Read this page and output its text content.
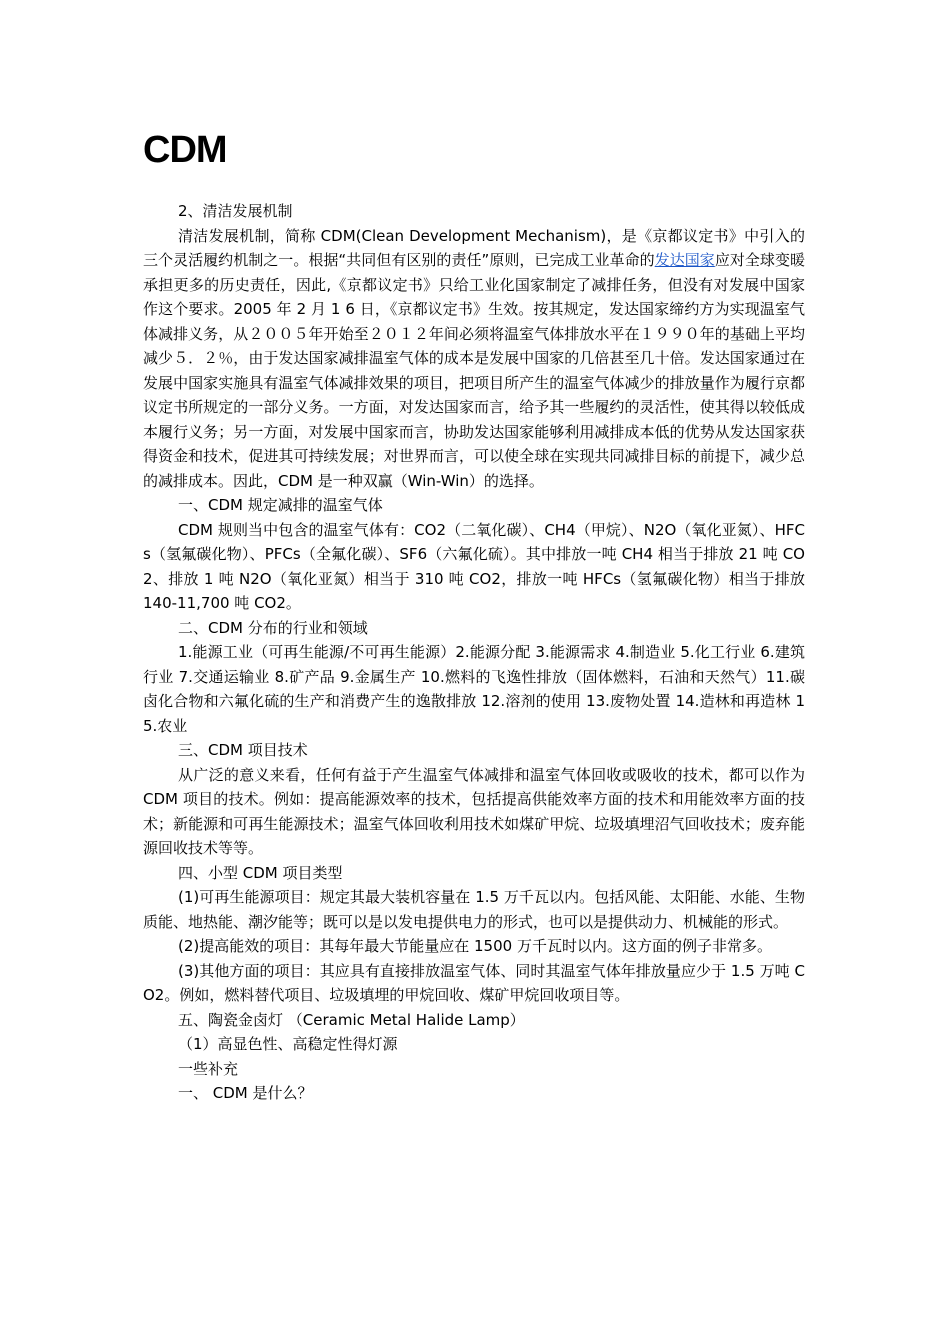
CDM

2、清洁发展机制

清洁发展机制，简称 CDM(Clean Development Mechanism)，是《京都议定书》中引入的三个灵活履约机制之一。根据“共同但有区别的责任”原则，已完成工业革命的发达国家应对全球变暖承担更多的历史责任，因此,《京都议定书》只给工业化国家制定了减排任务，但没有对发展中国家作这个要求。2005 年 2 月 1 6 日，《京都议定书》生效。按其规定，发达国家缔约方为实现温室气体减排义务，从２００５年开始至２０１２年间必须将温室气体排放水平在１９９０年的基础上平均减少５．２％，由于发达国家减排温室气体的成本是发展中国家的几倍甚至几十倍。发达国家通过在发展中国家实施具有温室气体减排效果的项目，把项目所产生的温室气体减少的排放量作为履行京都议定书所规定的一部分义务。一方面，对发达国家而言，给予其一些履约的灵活性，使其得以较低成本履行义务；另一方面，对发展中国家而言，协助发达国家能够利用减排成本低的优势从发达国家获得资金和技术，促进其可持续发展；对世界而言，可以使全球在实现共同减排目标的前提下，减少总的减排成本。因此，CDM 是一种双赢（Win-Win）的选择。

一、CDM 规定减排的温室气体

CDM 规则当中包含的温室气体有：CO2（二氧化碳）、CH4（甲烷）、N2O（氧化亚氮）、HFCs（氢氟碳化物）、PFCs（全氟化碳）、SF6（六氟化硫）。其中排放一吨 CH4 相当于排放 21 吨 CO2、排放 1 吨 N2O（氧化亚氮）相当于 310 吨 CO2，排放一吨 HFCs（氢氟碳化物）相当于排放 140-11,700 吨 CO2。

二、CDM 分布的行业和领域

1.能源工业（可再生能源/不可再生能源）2.能源分配 3.能源需求 4.制造业 5.化工行业 6.建筑行业 7.交通运输业 8.矿产品 9.金属生产 10.燃料的飞逸性排放（固体燃料，石油和天然气）11.碳卤化合物和六氟化硫的生产和消费产生的逸散排放 12.溶剂的使用 13.废物处置 14.造林和再造林 15.农业

三、CDM 项目技术

从广泛的意义来看，任何有益于产生温室气体减排和温室气体回收或吸收的技术，都可以作为 CDM 项目的技术。例如：提高能源效率的技术，包括提高供能效率方面的技术和用能效率方面的技术；新能源和可再生能源技术；温室气体回收利用技术如煤矿甲烷、垃圾填埋沼气回收技术；废弃能源回收技术等等。

四、小型 CDM 项目类型

(1)可再生能源项目：规定其最大装机容量在 1.5 万千瓦以内。包括风能、太阳能、水能、生物质能、地热能、潮汐能等；既可以是以发电提供电力的形式，也可以是提供动力、机械能的形式。

(2)提高能效的项目：其每年最大节能量应在 1500 万千瓦时以内。这方面的例子非常多。

(3)其他方面的项目：其应具有直接排放温室气体、同时其温室气体年排放量应少于 1.5 万吨 CO2。例如，燃料替代项目、垃圾填埋的甲烷回收、煤矿甲烷回收项目等。

五、陶瓷金卤灯 （Ceramic Metal Halide Lamp）

（1）高显色性、高稳定性得灯源

一些补充

一、 CDM 是什么？
